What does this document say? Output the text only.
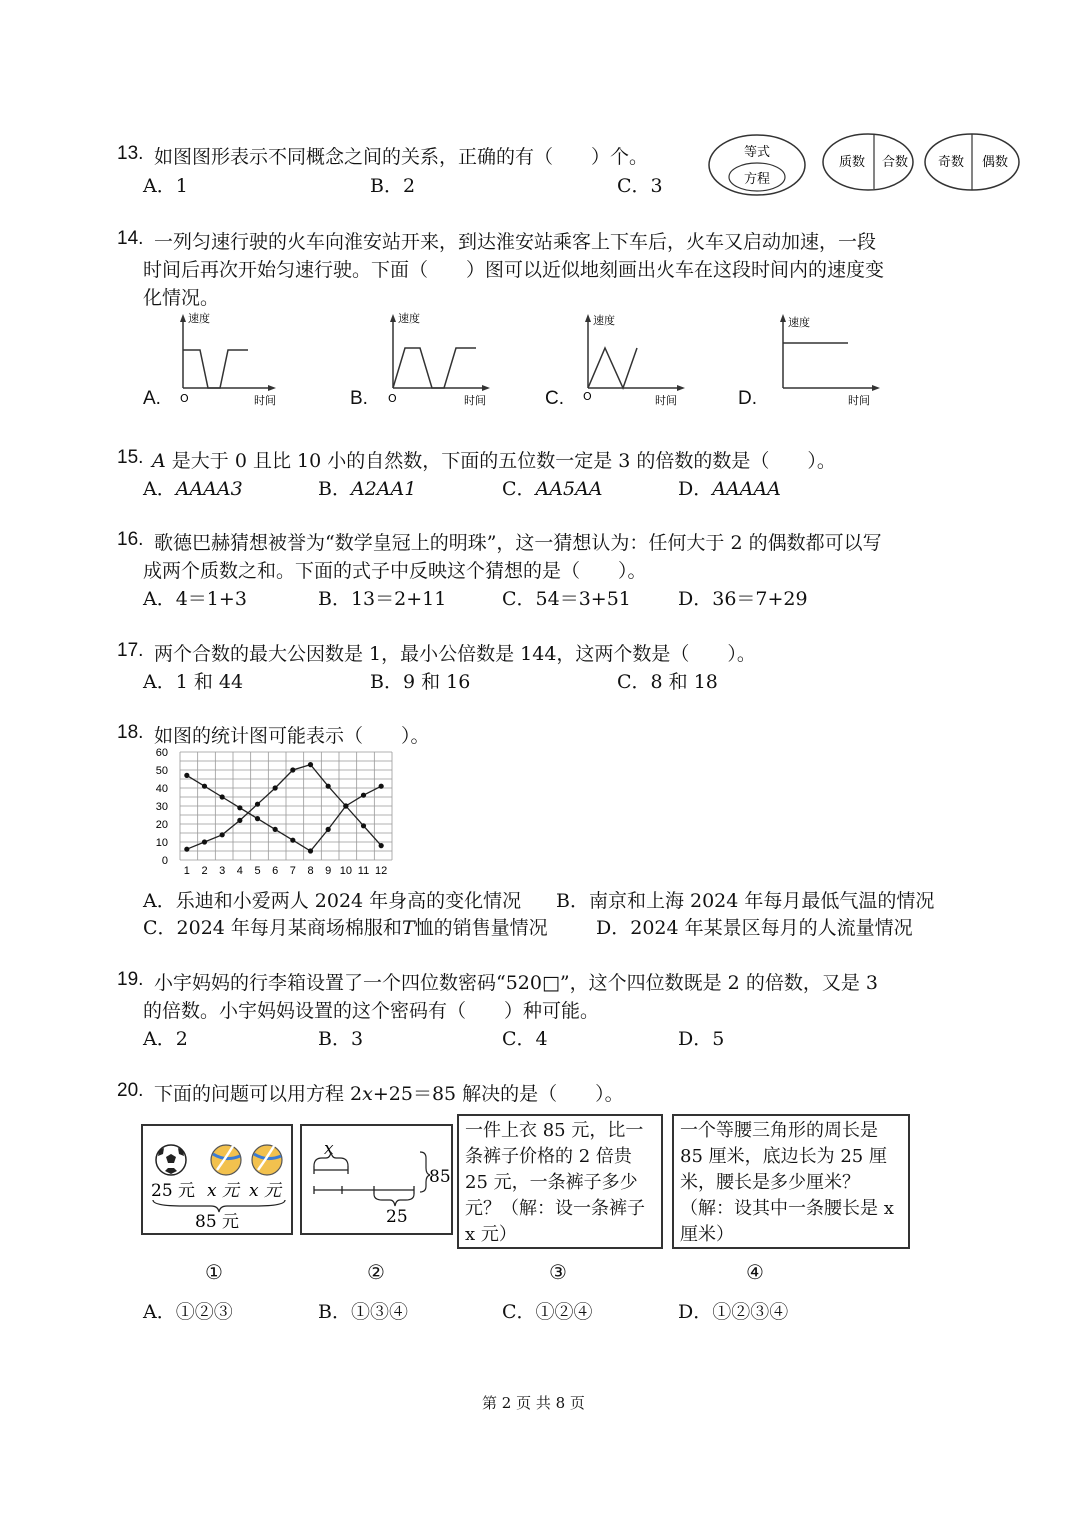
13. 如图图形表示不同概念之间的关系，正确的有（　　）个。
A．1	B．2	C．3
等式
方程
质数 合数 奇数 偶数
14. 一列匀速行驶的火车向淮安站开来，到达淮安站乘客上下车后，火车又启动加速，一段
时间后再次开始匀速行驶。下面（　　）图可以近似地刻画出火车在这段时间内的速度变
化情况。
A.	B.	C.	D.
速度
O	时间
速度
O	时间
速度
O	时间
速度
时间
15. A 是大于 0 且比 10 小的自然数，下面的五位数一定是 3 的倍数的数是（　　）。
A．AAAA3	B．A2AA1	C．AA5AA	D．AAAAA
16. 歌德巴赫猜想被誉为“数学皇冠上的明珠”，这一猜想认为：任何大于 2 的偶数都可以写
成两个质数之和。下面的式子中反映这个猜想的是（　　）。
A．4＝1+3	B．13＝2+11	C．54＝3+51 D．36＝7+29
17. 两个合数的最大公因数是 1，最小公倍数是 144，这两个数是（　　）。
A．1 和 44	B．9 和 16	C．8 和 18
18. 如图的统计图可能表示（　　）。
0
10
20
30
40
50
60
1 2 3 4 5 6 7 8 9 10 11 12
A．乐迪和小爱两人 2024 年身高的变化情况 B．南京和上海 2024 年每月最低气温的情况
C．2024 年每月某商场棉服和T恤的销售量情况	D．2024 年某景区每月的人流量情况
19. 小宇妈妈的行李箱设置了一个四位数密码“520□”，这个四位数既是 2 的倍数，又是 3
的倍数。小宇妈妈设置的这个密码有（　　）种可能。
A．2	B．3	C．4	D．5
20. 下面的问题可以用方程 2x+25＝85 解决的是（　　）。
25 元 x 元 x 元
85 元
x
25
85
一件上衣 85 元，比一条裤子价格的 2 倍贵 25 元，一条裤子多少元？（解：设一条裤子 x 元）
一个等腰三角形的周长是 85 厘米，底边长为 25 厘米，腰长是多少厘米？（解：设其中一条腰长是 x 厘米）
①	②	③	④
A．①②③	B．①③④	C．①②④	D．①②③④
第 2 页 共 8 页
